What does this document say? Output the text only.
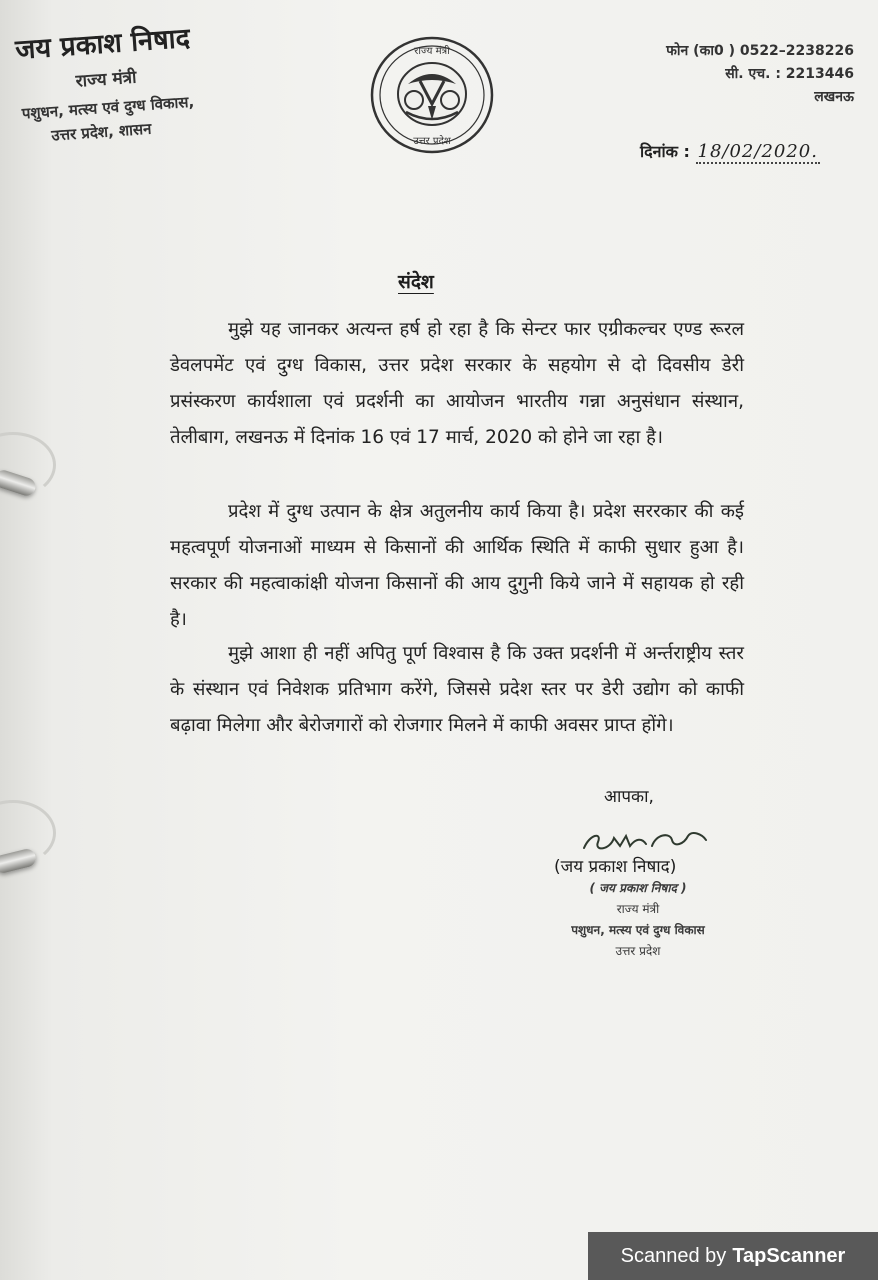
जय प्रकाश निषाद
राज्य मंत्री
पशुधन, मत्स्य एवं दुग्ध विकास,
उत्तर प्रदेश, शासन
राज्य मंत्री
उत्तर प्रदेश
फोन (का0 ) 0522–2238226
सी. एच. : 2213446
लखनऊ
दिनांक : 18/02/2020.
संदेश
मुझे यह जानकर अत्यन्त हर्ष हो रहा है कि सेन्टर फार एग्रीकल्चर एण्ड रूरल डेवलपमेंट एवं दुग्ध विकास, उत्तर प्रदेश सरकार के सहयोग से दो दिवसीय डेरी प्रसंस्करण कार्यशाला एवं प्रदर्शनी का आयोजन भारतीय गन्ना अनुसंधान संस्थान, तेलीबाग, लखनऊ में दिनांक 16 एवं 17 मार्च, 2020 को होने जा रहा है।
प्रदेश में दुग्ध उत्पान के क्षेत्र अतुलनीय कार्य किया है। प्रदेश सररकार की कई महत्वपूर्ण योजनाओं माध्यम से किसानों की आर्थिक स्थिति में काफी सुधार हुआ है। सरकार की महत्वाकांक्षी योजना किसानों की आय दुगुनी किये जाने में सहायक हो रही है।
मुझे आशा ही नहीं अपितु पूर्ण विश्वास है कि उक्त प्रदर्शनी में अर्न्तराष्ट्रीय स्तर के संस्थान एवं निवेशक प्रतिभाग करेंगे, जिससे प्रदेश स्तर पर डेरी उद्योग को काफी बढ़ावा मिलेगा और बेरोजगारों को रोजगार मिलने में काफी अवसर प्राप्त होंगे।
आपका,
(जय प्रकाश निषाद)
( जय प्रकाश निषाद )
राज्य मंत्री
पशुधन, मत्स्य एवं दुग्ध विकास
उत्तर प्रदेश
Scanned by TapScanner
